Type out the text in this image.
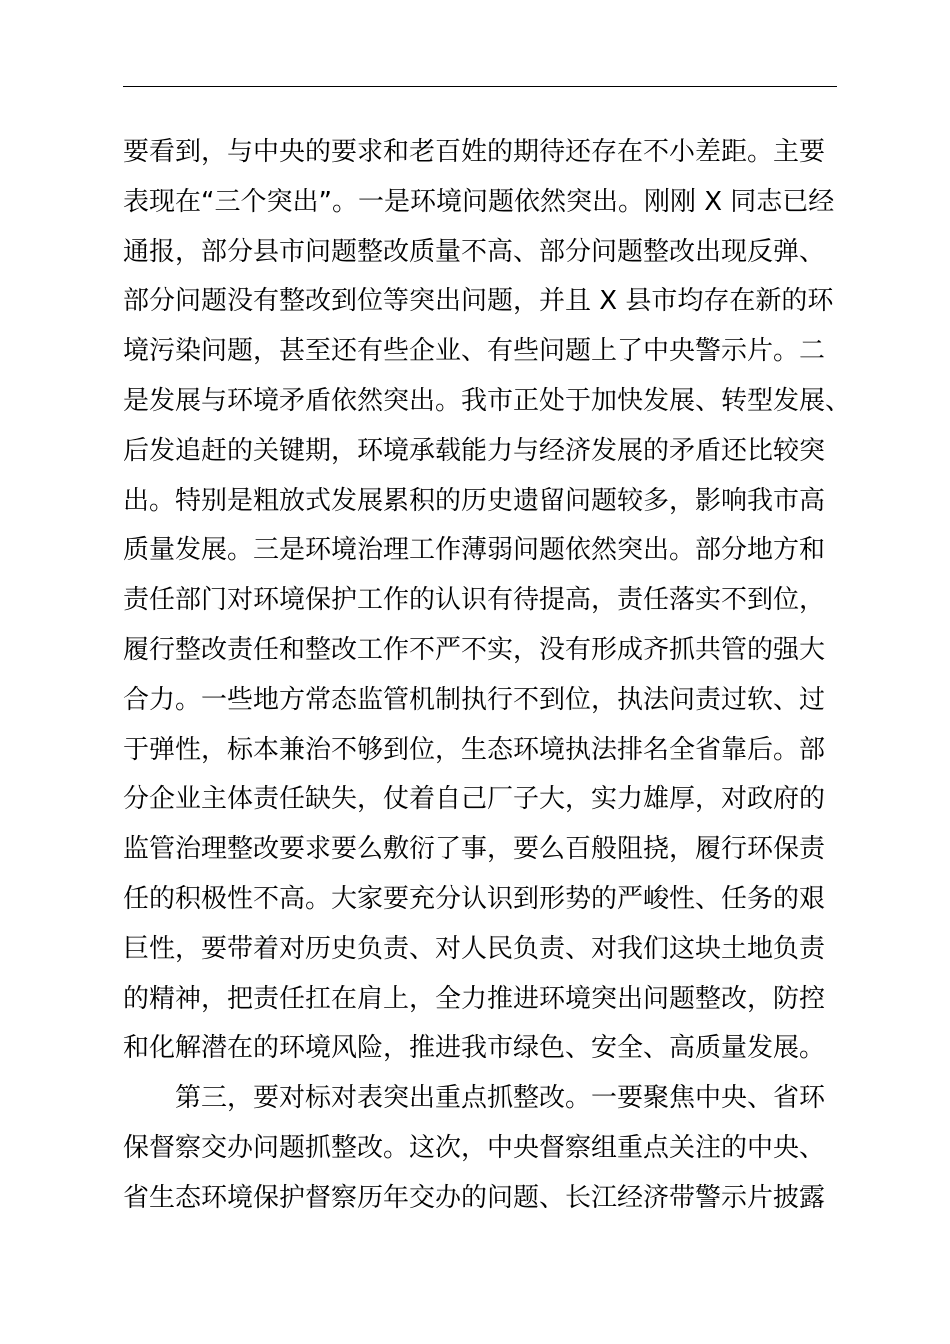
要看到，与中央的要求和老百姓的期待还存在不小差距。主要
表现在“三个突出”。一是环境问题依然突出。刚刚 X 同志已经
通报，部分县市问题整改质量不高、部分问题整改出现反弹、
部分问题没有整改到位等突出问题，并且 X 县市均存在新的环
境污染问题，甚至还有些企业、有些问题上了中央警示片。二
是发展与环境矛盾依然突出。我市正处于加快发展、转型发展、
后发追赶的关键期，环境承载能力与经济发展的矛盾还比较突
出。特别是粗放式发展累积的历史遗留问题较多，影响我市高
质量发展。三是环境治理工作薄弱问题依然突出。部分地方和
责任部门对环境保护工作的认识有待提高，责任落实不到位，
履行整改责任和整改工作不严不实，没有形成齐抓共管的强大
合力。一些地方常态监管机制执行不到位，执法问责过软、过
于弹性，标本兼治不够到位，生态环境执法排名全省靠后。部
分企业主体责任缺失，仗着自己厂子大，实力雄厚，对政府的
监管治理整改要求要么敷衍了事，要么百般阻挠，履行环保责
任的积极性不高。大家要充分认识到形势的严峻性、任务的艰
巨性，要带着对历史负责、对人民负责、对我们这块土地负责
的精神，把责任扛在肩上，全力推进环境突出问题整改，防控
和化解潜在的环境风险，推进我市绿色、安全、高质量发展。
第三，要对标对表突出重点抓整改。一要聚焦中央、省环
保督察交办问题抓整改。这次，中央督察组重点关注的中央、
省生态环境保护督察历年交办的问题、长江经济带警示片披露
